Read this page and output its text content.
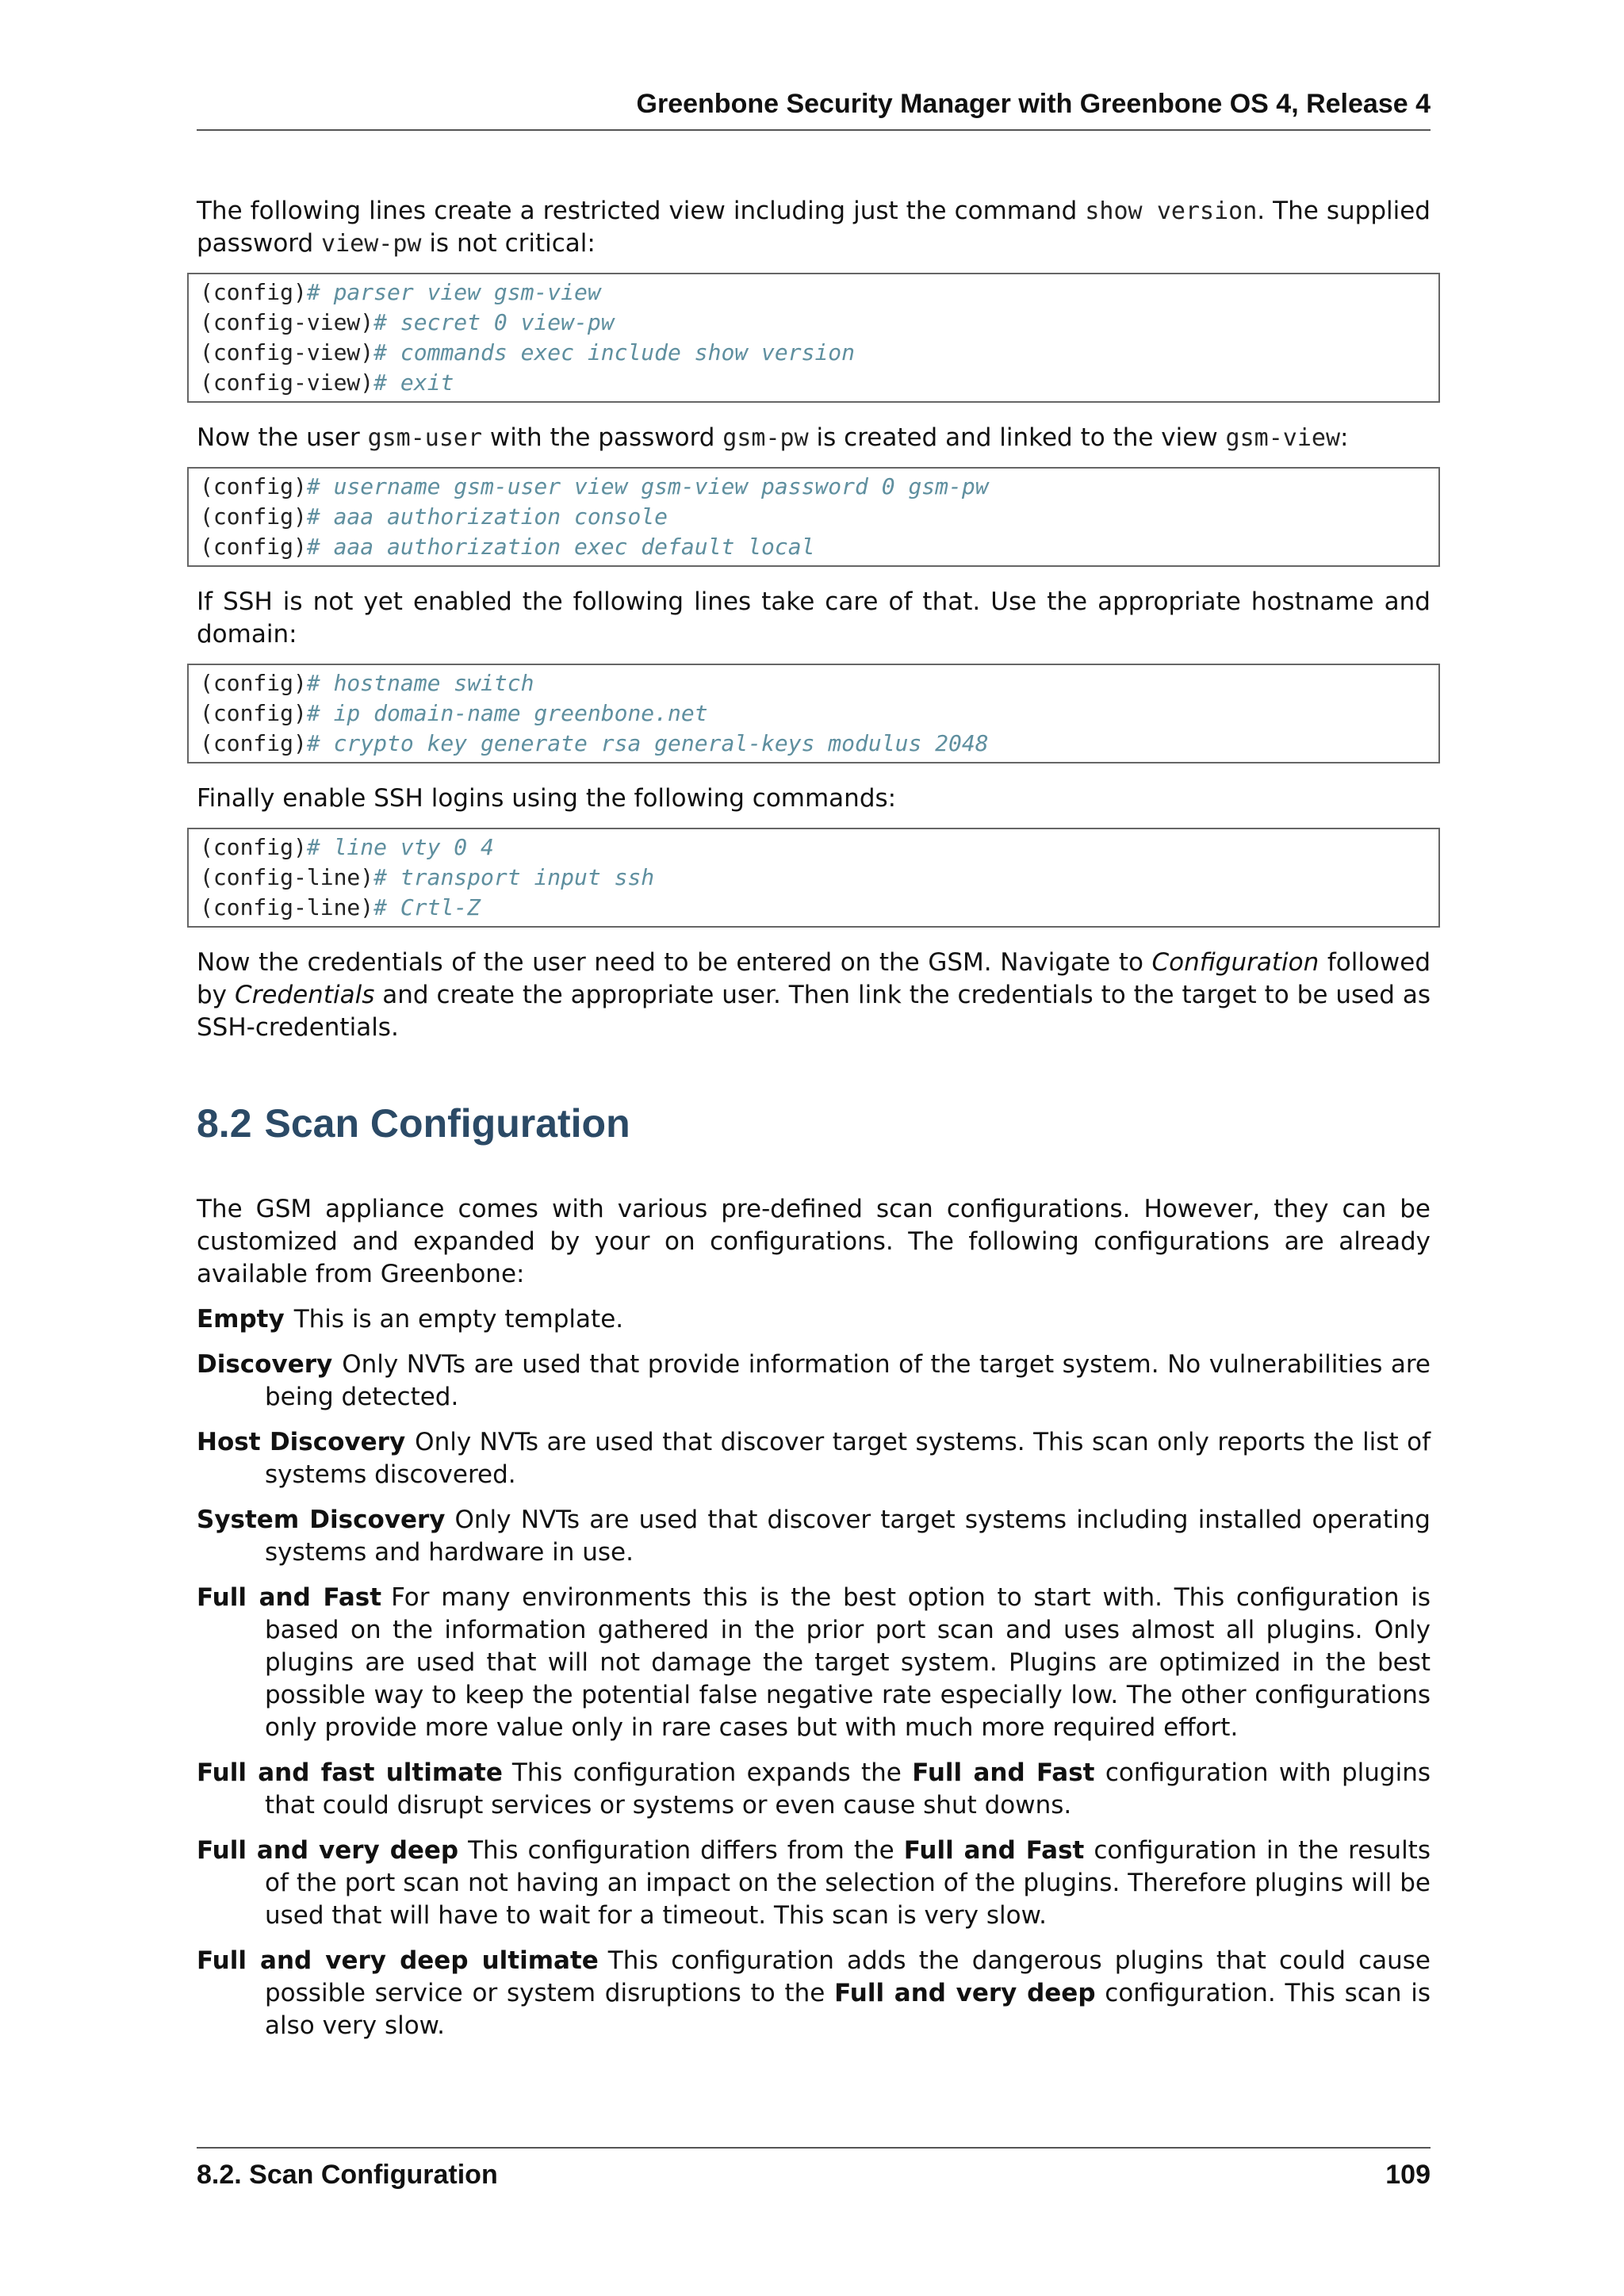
Greenbone Security Manager with Greenbone OS 4, Release 4

The following lines create a restricted view including just the command show version. The supplied password view-pw is not critical:

(config)# parser view gsm-view
(config-view)# secret 0 view-pw
(config-view)# commands exec include show version
(config-view)# exit

Now the user gsm-user with the password gsm-pw is created and linked to the view gsm-view:

(config)# username gsm-user view gsm-view password 0 gsm-pw
(config)# aaa authorization console
(config)# aaa authorization exec default local

If SSH is not yet enabled the following lines take care of that. Use the appropriate hostname and domain:

(config)# hostname switch
(config)# ip domain-name greenbone.net
(config)# crypto key generate rsa general-keys modulus 2048

Finally enable SSH logins using the following commands:

(config)# line vty 0 4
(config-line)# transport input ssh
(config-line)# Crtl-Z

Now the credentials of the user need to be entered on the GSM. Navigate to Configuration followed by Credentials and create the appropriate user. Then link the credentials to the target to be used as SSH-credentials.

8.2 Scan Configuration

The GSM appliance comes with various pre-defined scan configurations. However, they can be customized and expanded by your on configurations. The following configurations are already available from Greenbone:

Empty This is an empty template.
Discovery Only NVTs are used that provide information of the target system. No vulnerabilities are being detected.
Host Discovery Only NVTs are used that discover target systems. This scan only reports the list of systems discovered.
System Discovery Only NVTs are used that discover target systems including installed operating systems and hardware in use.
Full and Fast For many environments this is the best option to start with. This configuration is based on the information gathered in the prior port scan and uses almost all plugins. Only plugins are used that will not damage the target system. Plugins are optimized in the best possible way to keep the potential false negative rate especially low. The other configurations only provide more value only in rare cases but with much more required effort.
Full and fast ultimate This configuration expands the Full and Fast configuration with plugins that could disrupt services or systems or even cause shut downs.
Full and very deep This configuration differs from the Full and Fast configuration in the results of the port scan not having an impact on the selection of the plugins. Therefore plugins will be used that will have to wait for a timeout. This scan is very slow.
Full and very deep ultimate This configuration adds the dangerous plugins that could cause possible service or system disruptions to the Full and very deep configuration. This scan is also very slow.
8.2. Scan Configuration	109
